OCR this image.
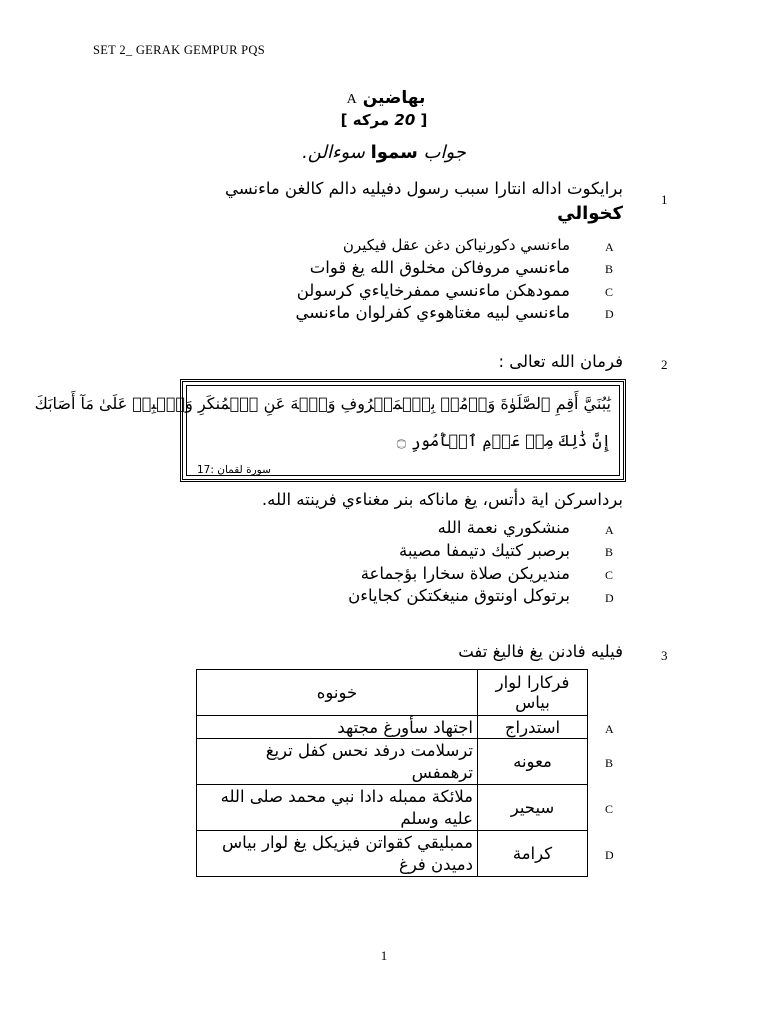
SET 2_ GERAK GEMPUR PQS
A بهاضين
[ 20 مركه ]
جواب سموا سوءالن.
1
برايكوت اداله انتارا سبب رسول دفيليه دالم كالغن ماءنسي
كخوالي
A
ماءنسي دكورنياكن دغن عقل فيكيرن
B
ماءنسي مروفاكن مخلوق الله يغ قوات
C
ممودهكن ماءنسي ممفرخاياءي كرسولن
D
ماءنسي لبيه مغتاهوءي كفرلوان ماءنسي
2
فرمان الله تعالى :
يَٰبُنَيَّ أَقِمِ ٱلصَّلَوٰةَ وَأۡمُرۡ بِٱلۡمَعۡرُوفِ وَٱنۡهَ عَنِ ٱلۡمُنكَرِ وَٱصۡبِرۡ عَلَىٰ مَآ أَصَابَكَ
إِنَّ ذَٰلِكَ مِنۡ عَزۡمِ ٱلۡأُمُورِ ۝
سورة لقمان :17
برداسركن اية دأتس، يغ ماناكه بنر مغناءي فرينته الله.
A
منشكوري نعمة الله
B
برصبر كتيك دتيمفا مصيبة
C
منديريكن صلاة سخارا بؤجماعة
D
برتوكل اونتوق منيغكتكن كجاياءن
3
فيليه فادنن يغ فاليغ تفت
فركارا لوار بياس	خونوه
استدراج	اجتهاد سأورغ مجتهد
معونه	ترسلامت درفد نحس كفل تريغ ترهمفس
سيحير	ملائكة ممبله دادا نبي محمد صلى الله عليه وسلم
كرامة	ممبليقي كقواتن فيزيكل يغ لوار بياس دميدن فرغ
A
B
C
D
1
